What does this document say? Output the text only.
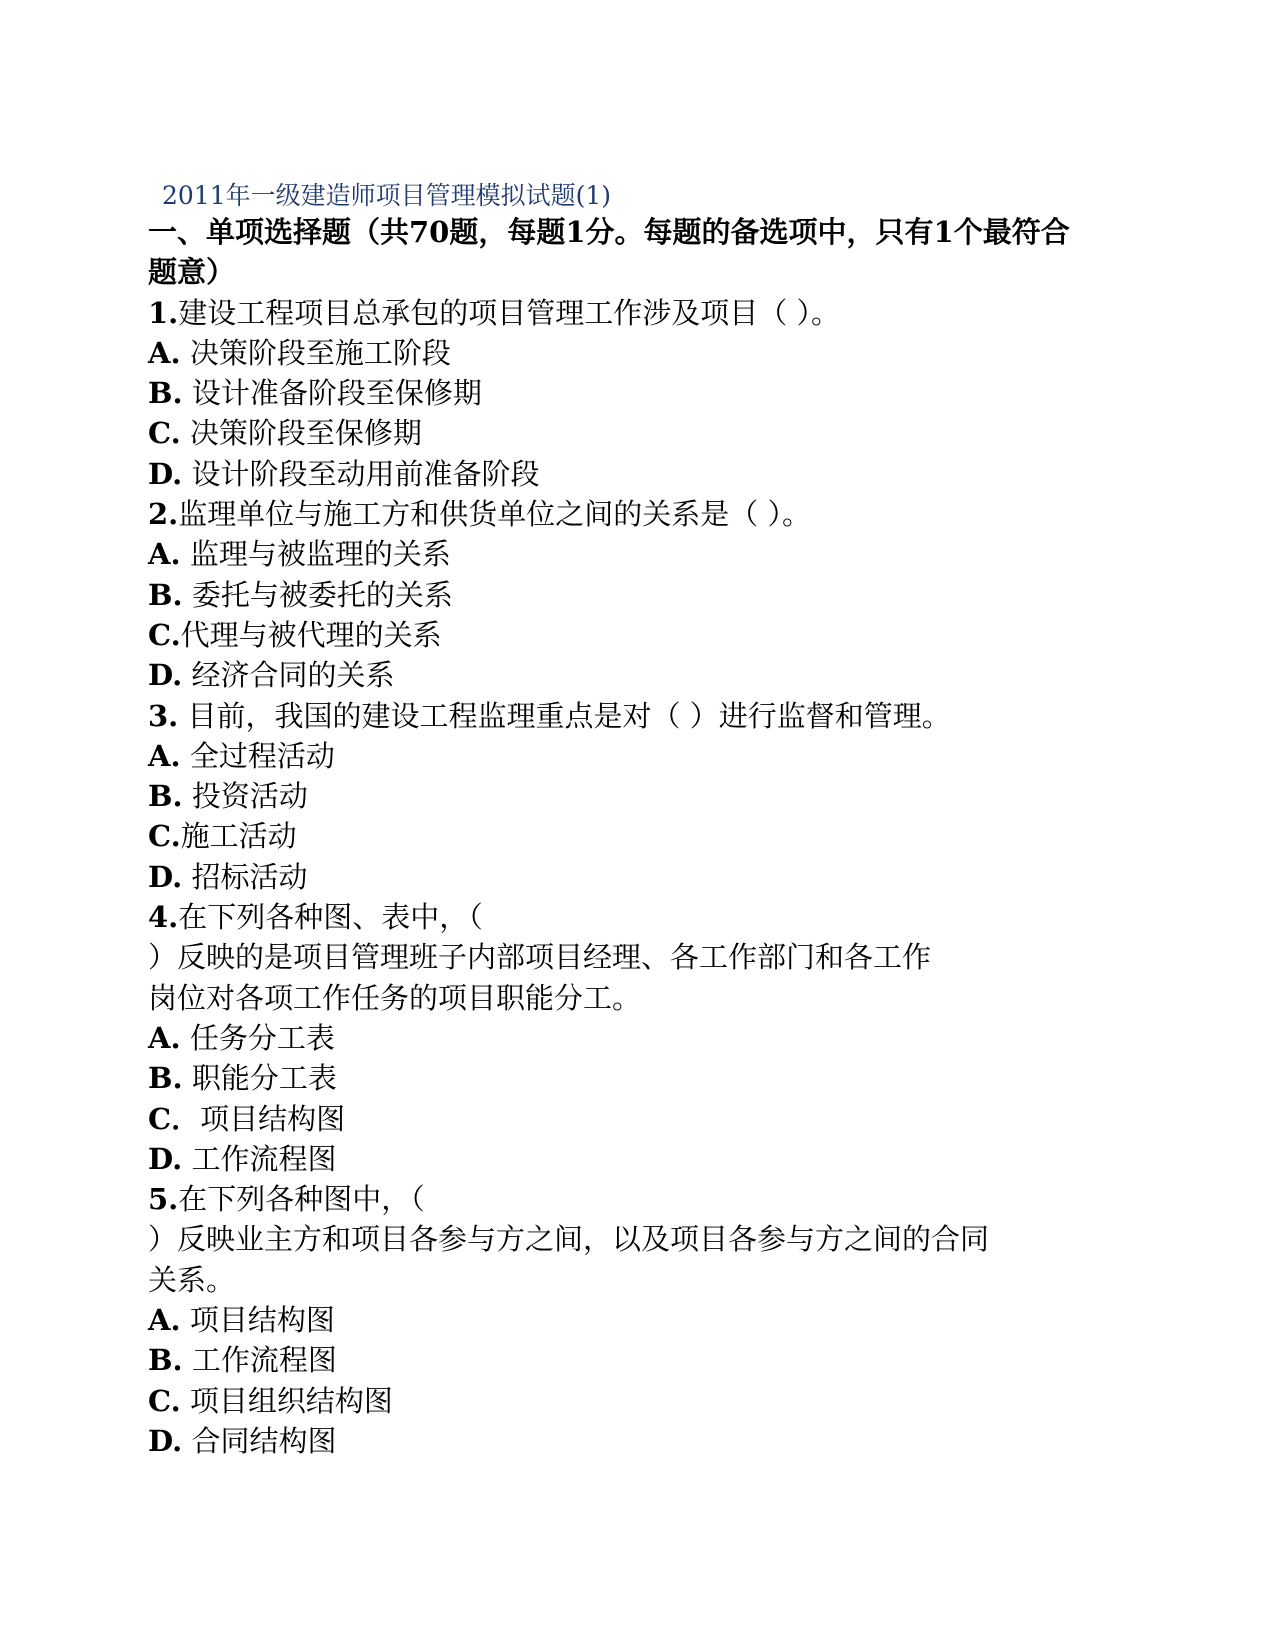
2011年一级建造师项目管理模拟试题(1)
一、单项选择题（共70题，每题1分。每题的备选项中，只有1个最符合
题意）
1.建设工程项目总承包的项目管理工作涉及项目（ ）。
A. 决策阶段至施工阶段
B. 设计准备阶段至保修期
C. 决策阶段至保修期
D. 设计阶段至动用前准备阶段
2.监理单位与施工方和供货单位之间的关系是（ ）。
A. 监理与被监理的关系
B. 委托与被委托的关系
C.代理与被代理的关系
D. 经济合同的关系
3. 目前，我国的建设工程监理重点是对（ ）进行监督和管理。
A. 全过程活动
B. 投资活动
C.施工活动
D. 招标活动
4.在下列各种图、表中，（
）反映的是项目管理班子内部项目经理、各工作部门和各工作
岗位对各项工作任务的项目职能分工。
A. 任务分工表
B. 职能分工表
C．项目结构图
D. 工作流程图
5.在下列各种图中，（
）反映业主方和项目各参与方之间，以及项目各参与方之间的合同
关系。
A. 项目结构图
B. 工作流程图
C. 项目组织结构图
D. 合同结构图
